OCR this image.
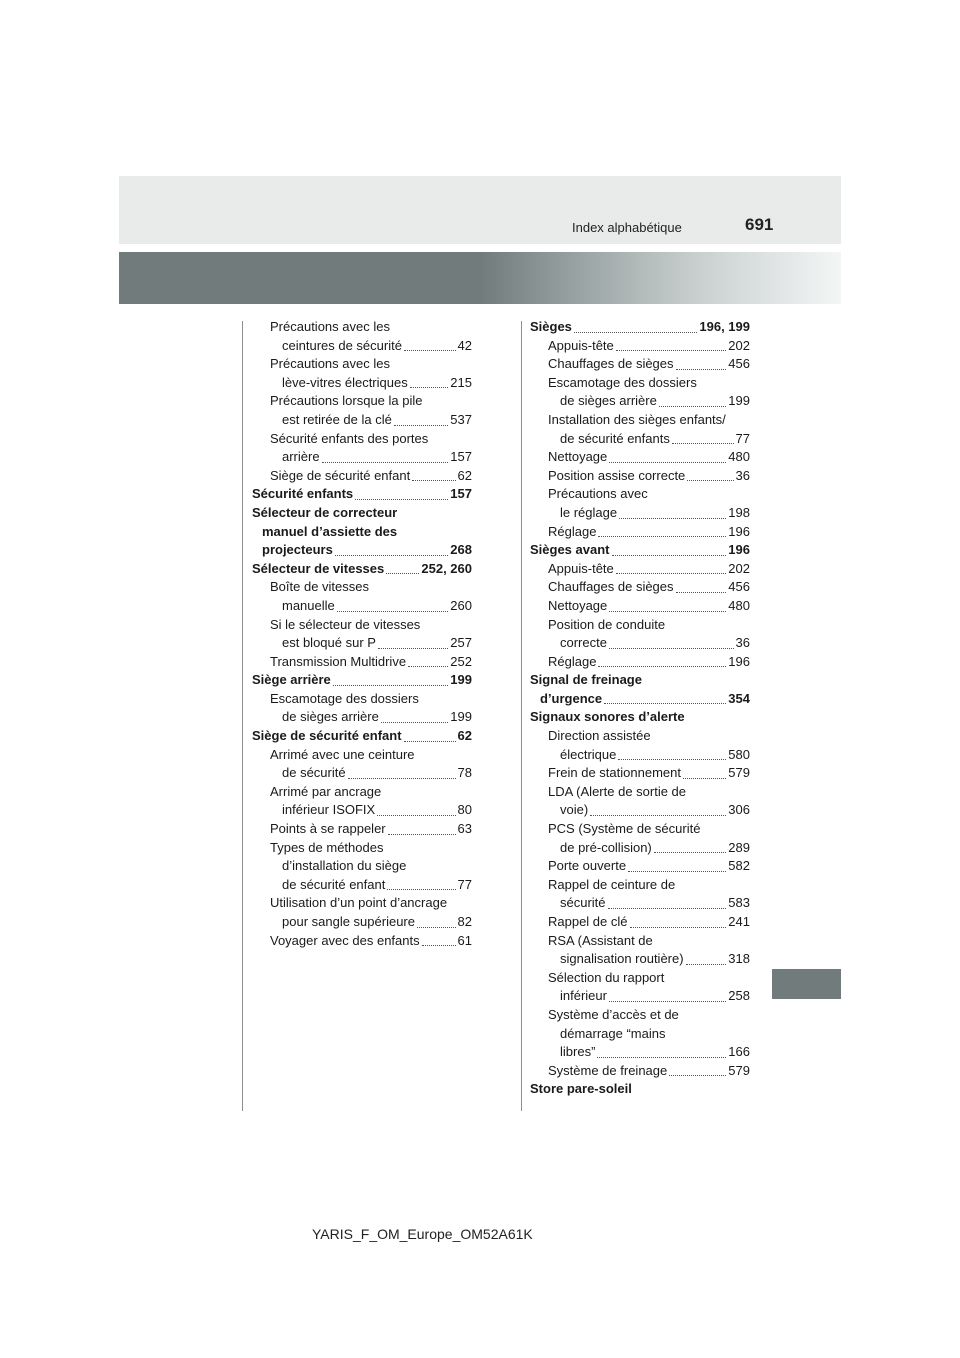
Index alphabétique	691
Précautions avec les
ceintures de sécurité	42
Précautions avec les
lève-vitres électriques	215
Précautions lorsque la pile
est retirée de la clé	537
Sécurité enfants des portes
arrière	157
Siège de sécurité enfant	62
Sécurité enfants	157
Sélecteur de correcteur
manuel d’assiette des
projecteurs	268
Sélecteur de vitesses	252, 260
Boîte de vitesses
manuelle	260
Si le sélecteur de vitesses
est bloqué sur P	257
Transmission Multidrive	252
Siège arrière	199
Escamotage des dossiers
de sièges arrière	199
Siège de sécurité enfant	62
Arrimé avec une ceinture
de sécurité	78
Arrimé par ancrage
inférieur ISOFIX	80
Points à se rappeler	63
Types de méthodes
d’installation du siège
de sécurité enfant	77
Utilisation d’un point d’ancrage
pour sangle supérieure	82
Voyager avec des enfants	61
Sièges	196, 199
Appuis-tête	202
Chauffages de sièges	456
Escamotage des dossiers
de sièges arrière	199
Installation des sièges enfants/
de sécurité enfants	77
Nettoyage	480
Position assise correcte	36
Précautions avec
le réglage	198
Réglage	196
Sièges avant	196
Appuis-tête	202
Chauffages de sièges	456
Nettoyage	480
Position de conduite
correcte	36
Réglage	196
Signal de freinage
d’urgence	354
Signaux sonores d’alerte
Direction assistée
électrique	580
Frein de stationnement	579
LDA (Alerte de sortie de
voie)	306
PCS (Système de sécurité
de pré-collision)	289
Porte ouverte	582
Rappel de ceinture de
sécurité	583
Rappel de clé	241
RSA (Assistant de
signalisation routière)	318
Sélection du rapport
inférieur	258
Système d’accès et de
démarrage “mains
libres”	166
Système de freinage	579
Store pare-soleil
YARIS_F_OM_Europe_OM52A61K
